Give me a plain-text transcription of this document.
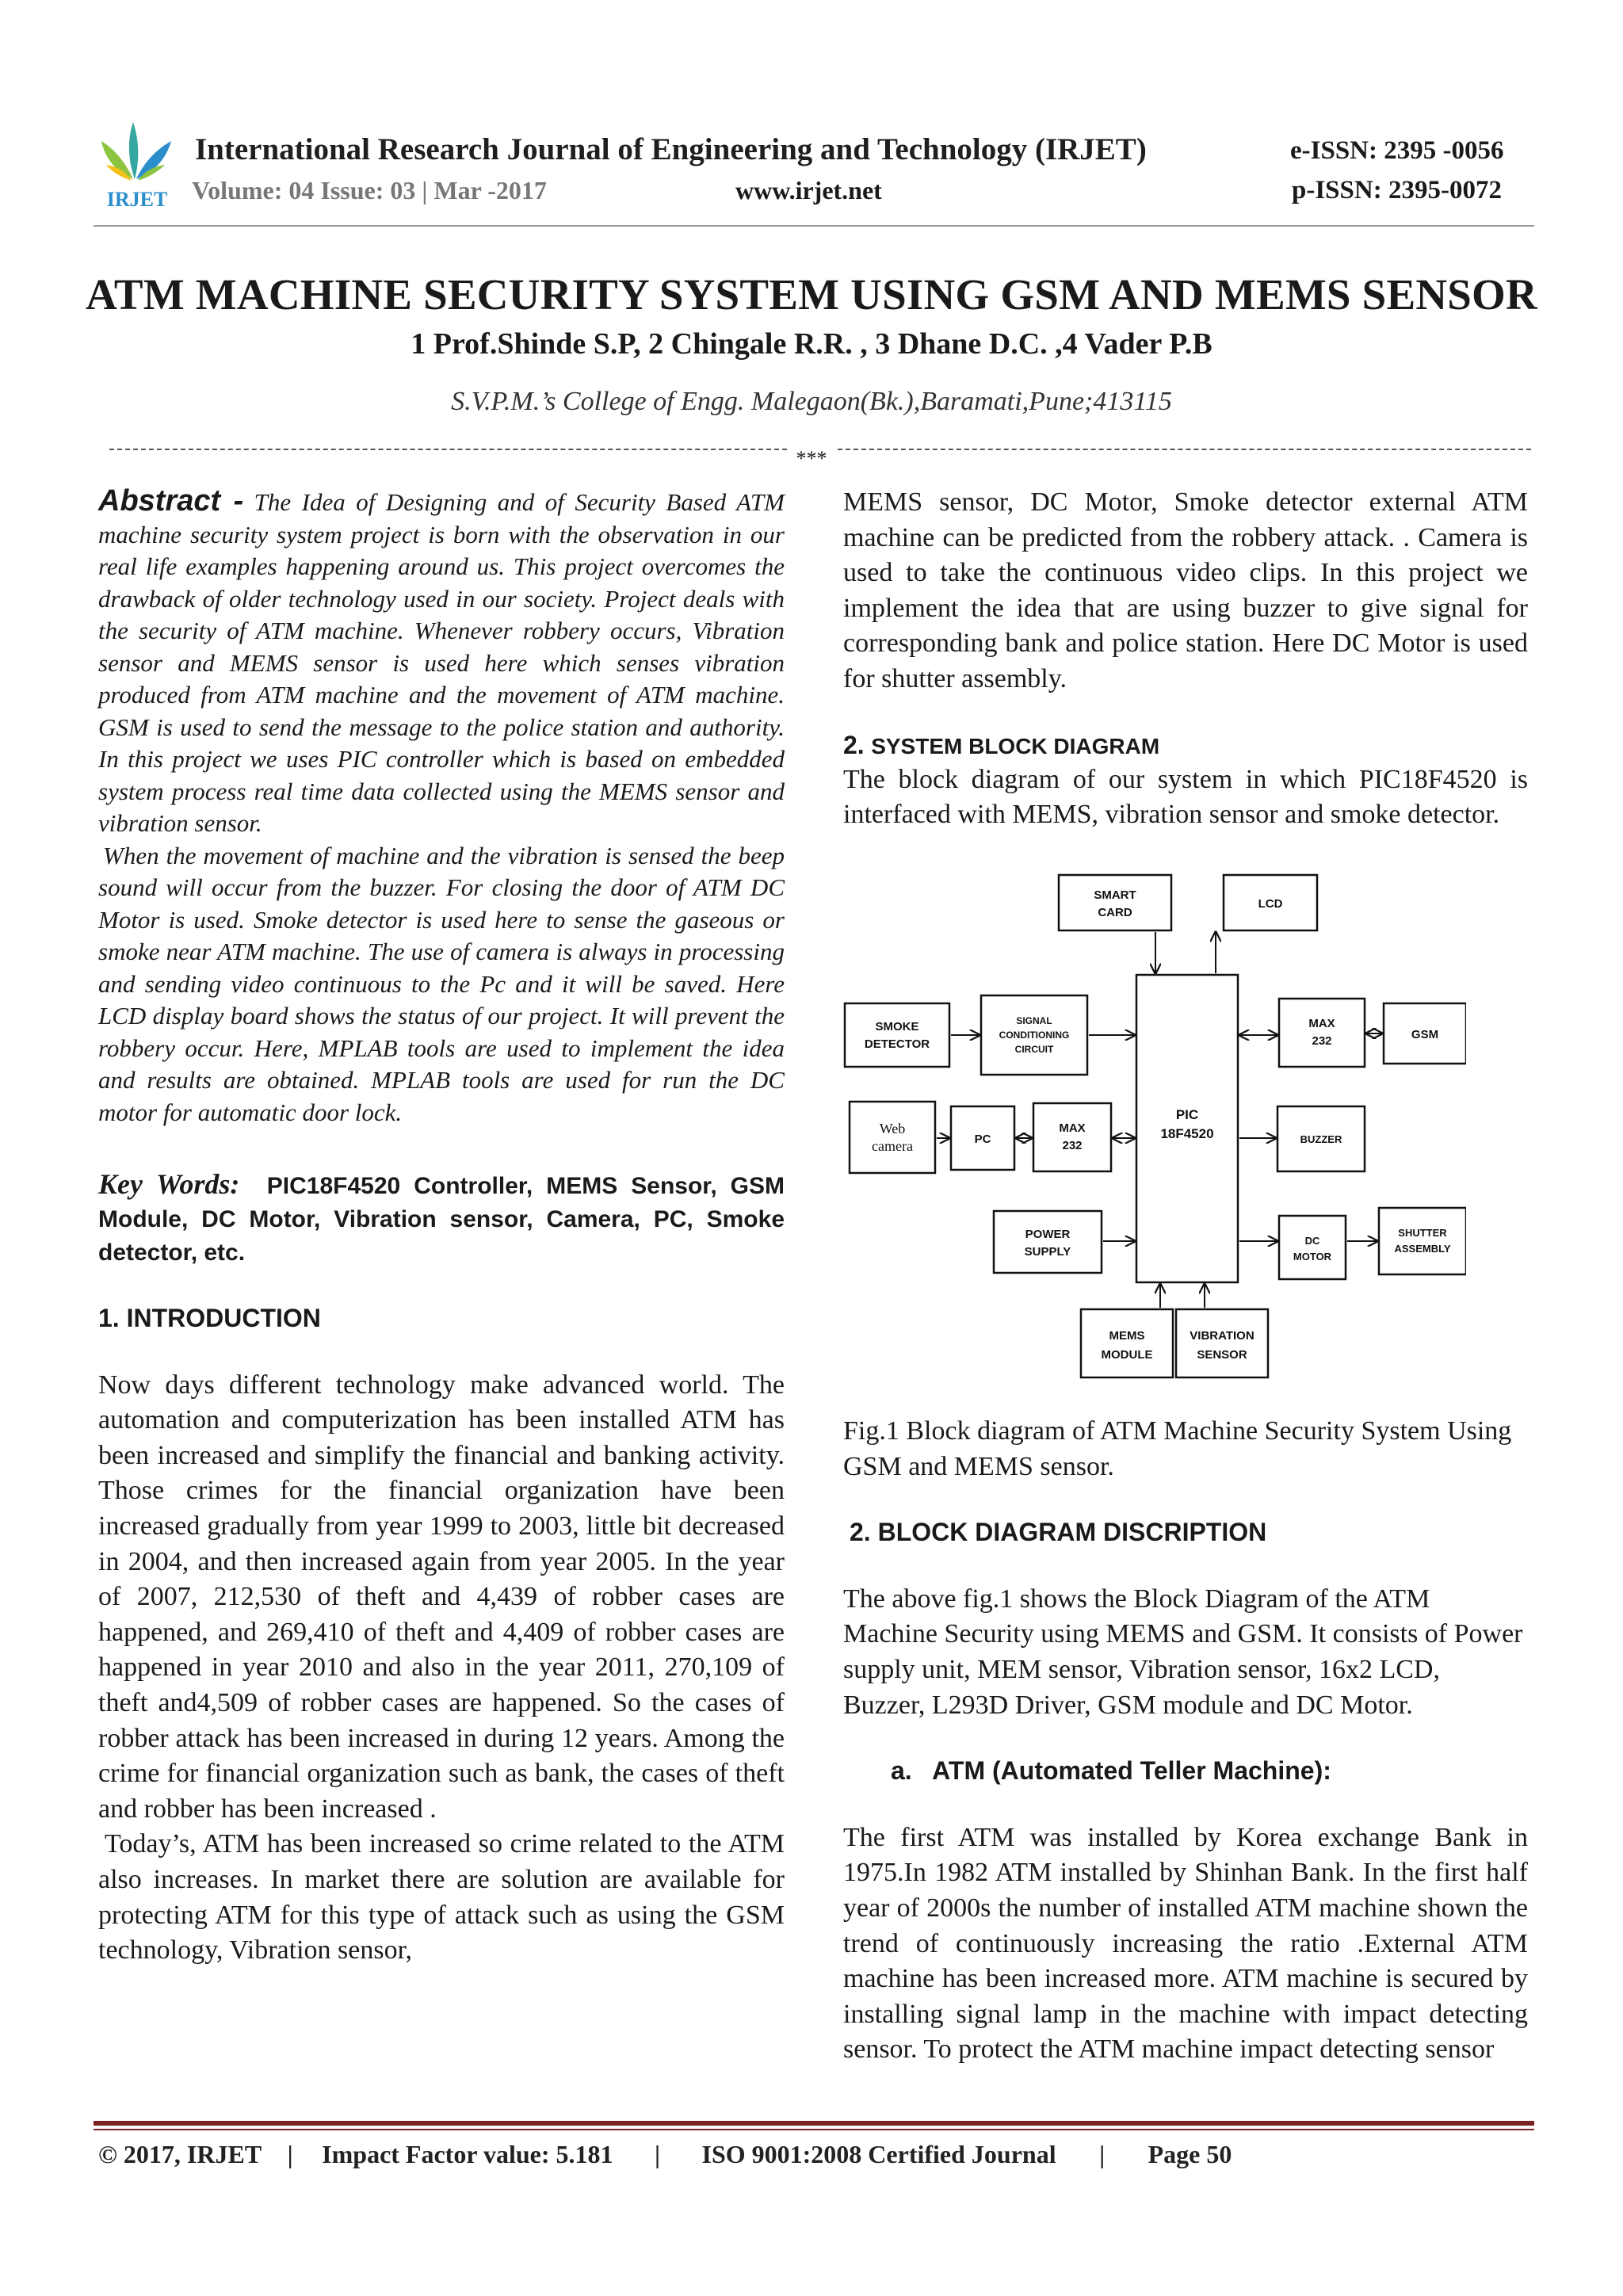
IRJET
International Research Journal of Engineering and Technology (IRJET)	e-ISSN: 2395 -0056
Volume: 04 Issue: 03 | Mar -2017	www.irjet.net	p-ISSN: 2395-0072
ATM MACHINE SECURITY SYSTEM USING GSM AND MEMS SENSOR
1 Prof.Shinde S.P, 2 Chingale R.R. , 3 Dhane D.C. ,4 Vader P.B
S.V.P.M.’s College of Engg. Malegaon(Bk.),Baramati,Pune;413115
***

Abstract - The Idea of Designing and of Security Based ATM machine security system project is born with the observation in our real life examples happening around us. This project overcomes the drawback of older technology used in our society. Project deals with the security of ATM machine. Whenever robbery occurs, Vibration sensor and MEMS sensor is used here which senses vibration produced from ATM machine and the movement of ATM machine. GSM is used to send the message to the police station and authority. In this project we uses PIC controller which is based on embedded system process real time data collected using the MEMS sensor and vibration sensor.

When the movement of machine and the vibration is sensed the beep sound will occur from the buzzer. For closing the door of ATM DC Motor is used. Smoke detector is used here to sense the gaseous or smoke near ATM machine. The use of camera is always in processing and sending video continuous to the Pc and it will be saved. Here LCD display board shows the status of our project. It will prevent the robbery occur. Here, MPLAB tools are used to implement the idea and results are obtained. MPLAB tools are used for run the DC motor for automatic door lock.

Key Words: PIC18F4520 Controller, MEMS Sensor, GSM Module, DC Motor, Vibration sensor, Camera, PC, Smoke detector, etc.

1. INTRODUCTION

Now days different technology make advanced world. The automation and computerization has been installed ATM has been increased and simplify the financial and banking activity. Those crimes for the financial organization have been increased gradually from year 1999 to 2003, little bit decreased in 2004, and then increased again from year 2005. In the year of 2007, 212,530 of theft and 4,439 of robber cases are happened, and 269,410 of theft and 4,409 of robber cases are happened in year 2010 and also in the year 2011, 270,109 of theft and4,509 of robber cases are happened. So the cases of robber attack has been increased in during 12 years. Among the crime for financial organization such as bank, the cases of theft and robber has been increased .

Today’s, ATM has been increased so crime related to the ATM also increases. In market there are solution are available for protecting ATM for this type of attack such as using the GSM technology, Vibration sensor,

MEMS sensor, DC Motor, Smoke detector external ATM machine can be predicted from the robbery attack. . Camera is used to take the continuous video clips. In this project we implement the idea that are using buzzer to give signal for corresponding bank and police station. Here DC Motor is used for shutter assembly.

2. SYSTEM BLOCK DIAGRAM

The block diagram of our system in which PIC18F4520 is interfaced with MEMS, vibration sensor and smoke detector.

PIC
18F4520
SMART
CARD
LCD
SMOKE
DETECTOR
SIGNAL
CONDITIONING
CIRCUIT
MAX
232	GSM
Web
camera	PC
MAX
232	BUZZER
POWER
SUPPLY
DC
MOTOR
SHUTTER
ASSEMBLY
MEMS
MODULE
VIBRATION
SENSOR

Fig.1 Block diagram of ATM Machine Security System Using GSM and MEMS sensor.

2. BLOCK DIAGRAM DISCRIPTION

The above fig.1 shows the Block Diagram of the ATM Machine Security using MEMS and GSM. It consists of Power supply unit, MEM sensor, Vibration sensor, 16x2 LCD, Buzzer, L293D Driver, GSM module and DC Motor.

a.   ATM (Automated Teller Machine):

The first ATM was installed by Korea exchange Bank in 1975.In 1982 ATM installed by Shinhan Bank. In the first half year of 2000s the number of installed ATM machine shown the trend of continuously increasing the ratio .External ATM machine has been increased more. ATM machine is secured by installing signal lamp in the machine with impact detecting sensor. To protect the ATM machine impact detecting sensor

© 2017, IRJET | Impact Factor value: 5.181 | ISO 9001:2008 Certified Journal | Page 50
